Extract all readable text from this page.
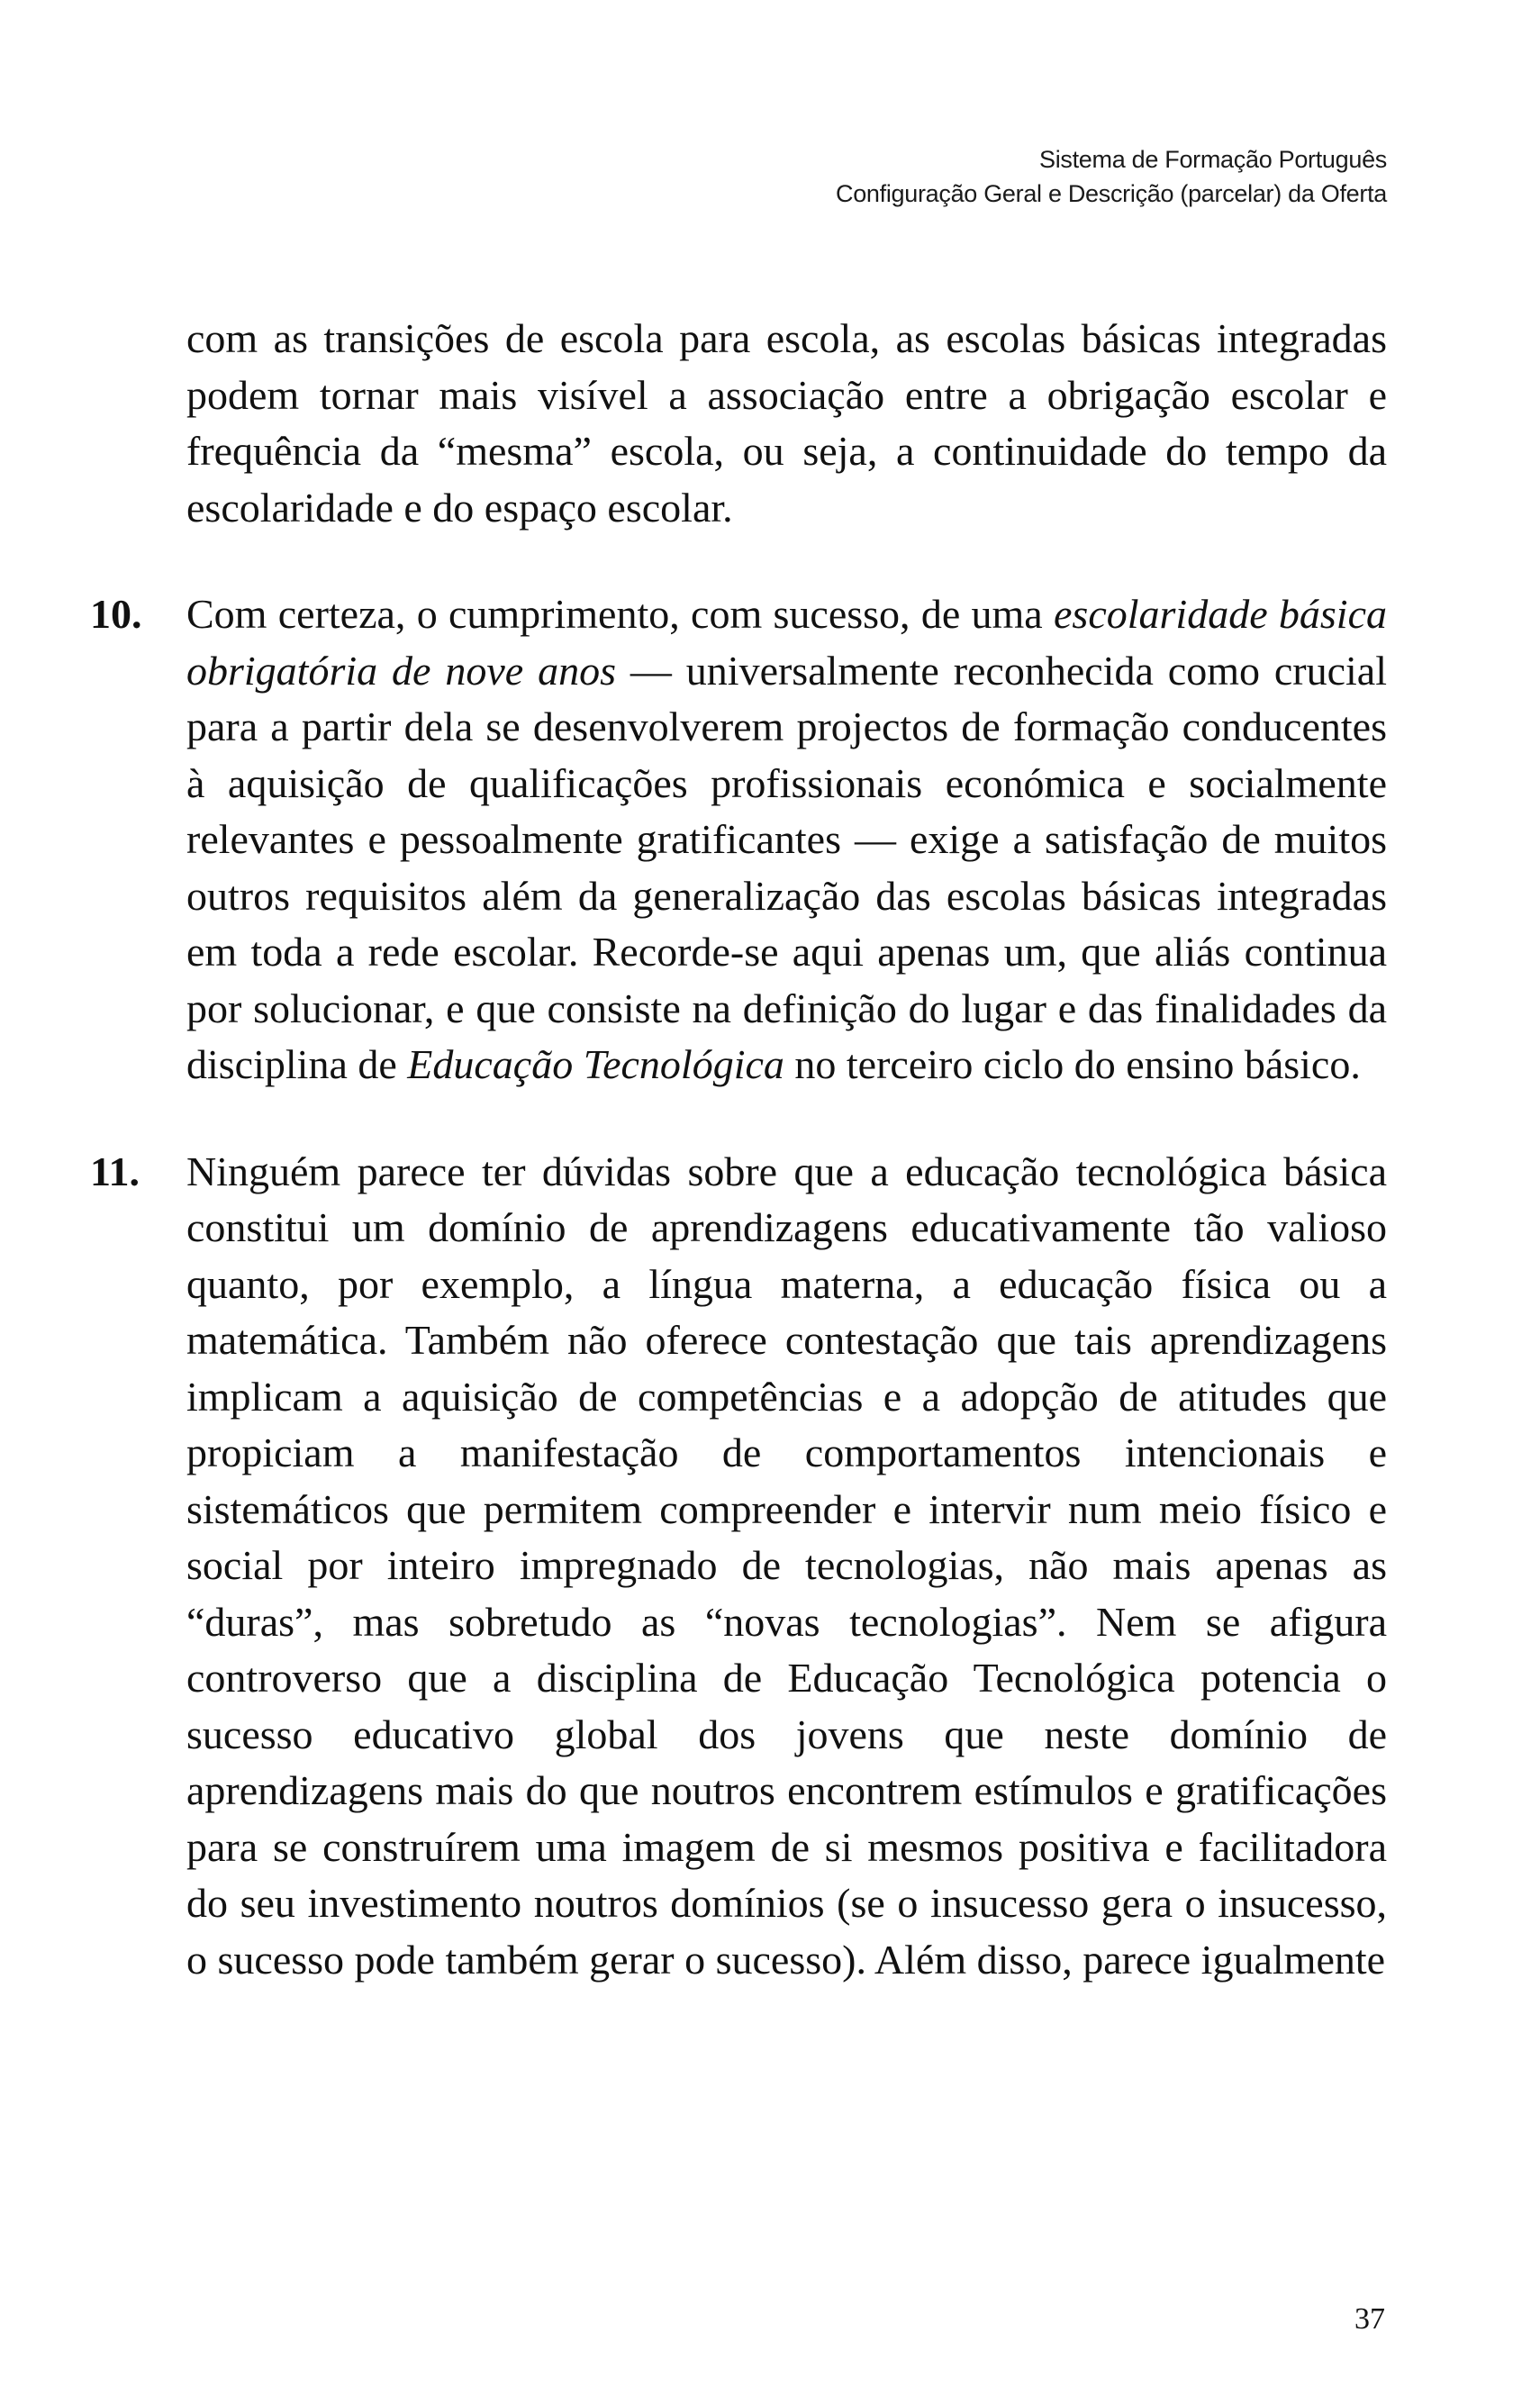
Sistema de Formação Português
Configuração Geral e Descrição (parcelar) da Oferta

com as transições de escola para escola, as escolas básicas integradas podem tornar mais visível a associação entre a obrigação escolar e frequência da “mesma” escola, ou seja, a continuidade do tempo da escolaridade e do espaço escolar.

10. Com certeza, o cumprimento, com sucesso, de uma escolaridade básica obrigatória de nove anos — universalmente reconhecida como crucial para a partir dela se desenvolverem projectos de formação conducentes à aquisição de qualificações profissionais económica e socialmente relevantes e pessoalmente gratificantes — exige a satisfação de muitos outros requisitos além da generalização das escolas básicas integradas em toda a rede escolar. Recorde-se aqui apenas um, que aliás continua por solucionar, e que consiste na definição do lugar e das finalidades da disciplina de Educação Tecnológica no terceiro ciclo do ensino básico.

11. Ninguém parece ter dúvidas sobre que a educação tecnológica básica constitui um domínio de aprendizagens educativamente tão valioso quanto, por exemplo, a língua materna, a educação física ou a matemática. Também não oferece contestação que tais aprendizagens implicam a aquisição de competências e a adopção de atitudes que propiciam a manifestação de comportamentos intencionais e sistemáticos que permitem compreender e intervir num meio físico e social por inteiro impregnado de tecnologias, não mais apenas as “duras”, mas sobretudo as “novas tecnologias”. Nem se afigura controverso que a disciplina de Educação Tecnológica potencia o sucesso educativo global dos jovens que neste domínio de aprendizagens mais do que noutros encontrem estímulos e gratificações para se construírem uma imagem de si mesmos positiva e facilitadora do seu investimento noutros domínios (se o insucesso gera o insucesso, o sucesso pode também gerar o sucesso). Além disso, parece igualmente

37
